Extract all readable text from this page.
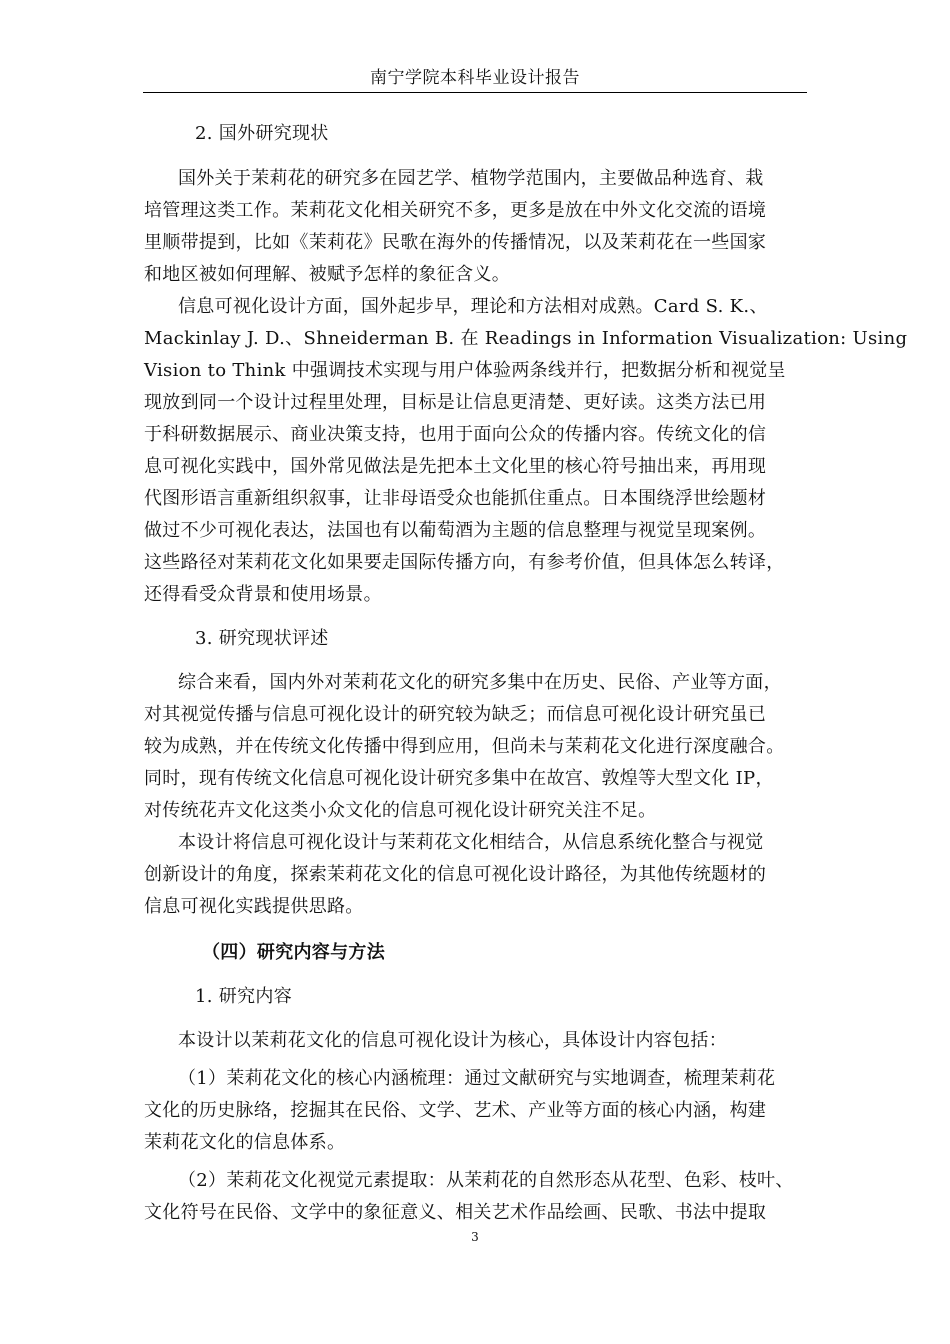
南宁学院本科毕业设计报告
2. 国外研究现状
国外关于茉莉花的研究多在园艺学、植物学范围内，主要做品种选育、栽
培管理这类工作。茉莉花文化相关研究不多，更多是放在中外文化交流的语境
里顺带提到，比如《茉莉花》民歌在海外的传播情况，以及茉莉花在一些国家
和地区被如何理解、被赋予怎样的象征含义。
信息可视化设计方面，国外起步早，理论和方法相对成熟。Card S. K.、
Mackinlay J. D.、Shneiderman B. 在 Readings in Information Visualization: Using
Vision to Think 中强调技术实现与用户体验两条线并行，把数据分析和视觉呈
现放到同一个设计过程里处理，目标是让信息更清楚、更好读。这类方法已用
于科研数据展示、商业决策支持，也用于面向公众的传播内容。传统文化的信
息可视化实践中，国外常见做法是先把本土文化里的核心符号抽出来，再用现
代图形语言重新组织叙事，让非母语受众也能抓住重点。日本围绕浮世绘题材
做过不少可视化表达，法国也有以葡萄酒为主题的信息整理与视觉呈现案例。
这些路径对茉莉花文化如果要走国际传播方向，有参考价值，但具体怎么转译，
还得看受众背景和使用场景。
3. 研究现状评述
综合来看，国内外对茉莉花文化的研究多集中在历史、民俗、产业等方面，
对其视觉传播与信息可视化设计的研究较为缺乏；而信息可视化设计研究虽已
较为成熟，并在传统文化传播中得到应用，但尚未与茉莉花文化进行深度融合。
同时，现有传统文化信息可视化设计研究多集中在故宫、敦煌等大型文化 IP，
对传统花卉文化这类小众文化的信息可视化设计研究关注不足。
本设计将信息可视化设计与茉莉花文化相结合，从信息系统化整合与视觉
创新设计的角度，探索茉莉花文化的信息可视化设计路径，为其他传统题材的
信息可视化实践提供思路。
（四）研究内容与方法
1. 研究内容
本设计以茉莉花文化的信息可视化设计为核心，具体设计内容包括：
（1）茉莉花文化的核心内涵梳理：通过文献研究与实地调查，梳理茉莉花
文化的历史脉络，挖掘其在民俗、文学、艺术、产业等方面的核心内涵，构建
茉莉花文化的信息体系。
（2）茉莉花文化视觉元素提取：从茉莉花的自然形态从花型、色彩、枝叶、
文化符号在民俗、文学中的象征意义、相关艺术作品绘画、民歌、书法中提取
3
